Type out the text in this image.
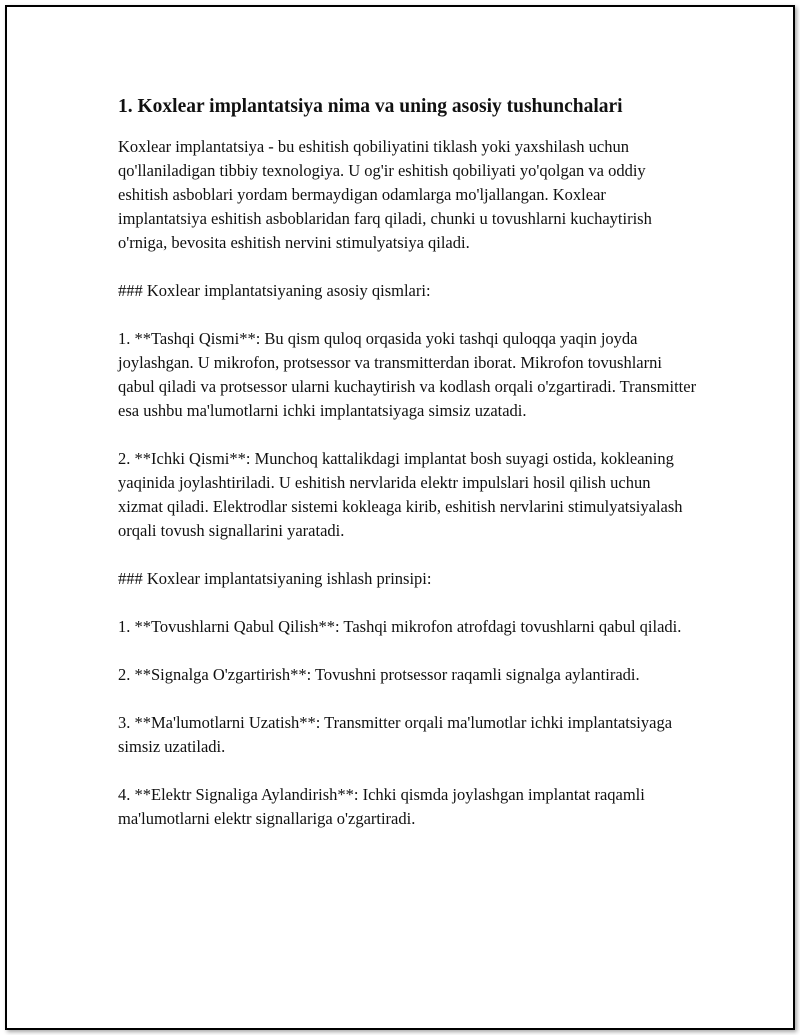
1. Koxlear implantatsiya nima va uning asosiy tushunchalari

Koxlear implantatsiya - bu eshitish qobiliyatini tiklash yoki yaxshilash uchun qo'llaniladigan tibbiy texnologiya. U og'ir eshitish qobiliyati yo'qolgan va oddiy eshitish asboblari yordam bermaydigan odamlarga mo'ljallangan. Koxlear implantatsiya eshitish asboblaridan farq qiladi, chunki u tovushlarni kuchaytirish o'rniga, bevosita eshitish nervini stimulyatsiya qiladi.

### Koxlear implantatsiyaning asosiy qismlari:

1. **Tashqi Qismi**: Bu qism quloq orqasida yoki tashqi quloqqa yaqin joyda joylashgan. U mikrofon, protsessor va transmitterdan iborat. Mikrofon tovushlarni qabul qiladi va protsessor ularni kuchaytirish va kodlash orqali o'zgartiradi. Transmitter esa ushbu ma'lumotlarni ichki implantatsiyaga simsiz uzatadi.

2. **Ichki Qismi**: Munchoq kattalikdagi implantat bosh suyagi ostida, kokleaning yaqinida joylashtiriladi. U eshitish nervlarida elektr impulslari hosil qilish uchun xizmat qiladi. Elektrodlar sistemi kokleaga kirib, eshitish nervlarini stimulyatsiyalash orqali tovush signallarini yaratadi.

### Koxlear implantatsiyaning ishlash prinsipi:

1. **Tovushlarni Qabul Qilish**: Tashqi mikrofon atrofdagi tovushlarni qabul qiladi.

2. **Signalga O'zgartirish**: Tovushni protsessor raqamli signalga aylantiradi.

3. **Ma'lumotlarni Uzatish**: Transmitter orqali ma'lumotlar ichki implantatsiyaga simsiz uzatiladi.

4. **Elektr Signaliga Aylandirish**: Ichki qismda joylashgan implantat raqamli ma'lumotlarni elektr signallariga o'zgartiradi.
